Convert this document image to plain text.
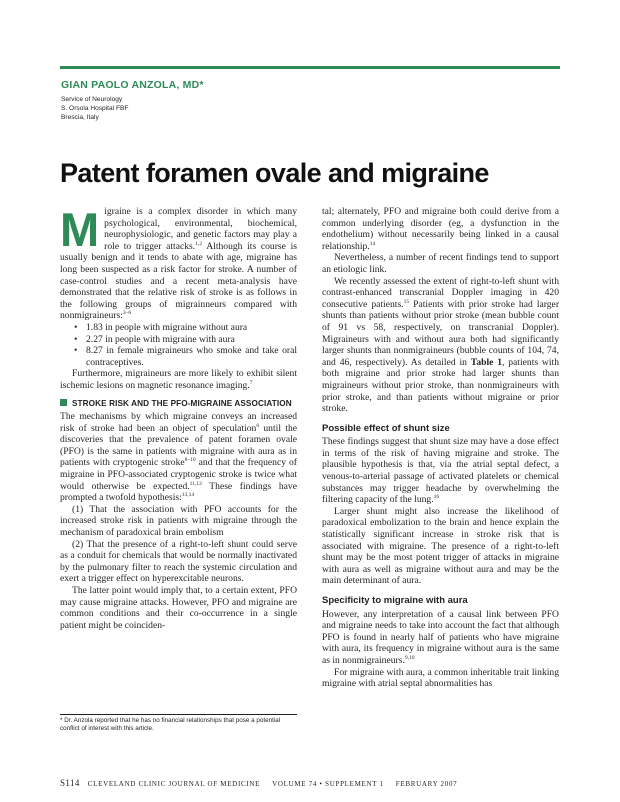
GIAN PAOLO ANZOLA, MD*
Service of Neurology
S. Orsola Hospital FBF
Brescia, Italy
Patent foramen ovale and migraine

Migraine is a complex disorder in which many psychological, environmental, biochemical, neurophysiologic, and genetic factors may play a role to trigger attacks.$^{1,2}$ Although its course is usually benign and it tends to abate with age, migraine has long been suspected as a risk factor for stroke. A number of case-control studies and a recent meta-analysis have demonstrated that the relative risk of stroke is as follows in the following groups of migrainneurs compared with nonmigraineurs:$^{3-6}$

• 1.83 in people with migraine without aura
• 2.27 in people with migraine with aura
• 8.27 in female migraineurs who smoke and take oral contraceptives.

Furthermore, migraineurs are more likely to exhibit silent ischemic lesions on magnetic resonance imaging.$^7$

STROKE RISK AND THE PFO-MIGRAINE ASSOCIATION

The mechanisms by which migraine conveys an increased risk of stroke had been an object of speculation$^6$ until the discoveries that the prevalence of patent foramen ovale (PFO) is the same in patients with migraine with aura as in patients with cryptogenic stroke$^{8-10}$ and that the frequency of migraine in PFO-associated cryptogenic stroke is twice what would otherwise be expected.$^{11,12}$ These findings have prompted a twofold hypothesis:$^{13,14}$

(1) That the association with PFO accounts for the increased stroke risk in patients with migraine through the mechanism of paradoxical brain embolism

(2) That the presence of a right-to-left shunt could serve as a conduit for chemicals that would be normally inactivated by the pulmonary filter to reach the systemic circulation and exert a trigger effect on hyperexcitable neurons.

The latter point would imply that, to a certain extent, PFO may cause migraine attacks. However, PFO and migraine are common conditions and their co-occurrence in a single patient might be coinciden-

tal; alternately, PFO and migraine both could derive from a common underlying disorder (eg, a dysfunction in the endothelium) without necessarily being linked in a causal relationship.$^{14}$

Nevertheless, a number of recent findings tend to support an etiologic link.

We recently assessed the extent of right-to-left shunt with contrast-enhanced transcranial Doppler imaging in 420 consecutive patients.$^{15}$ Patients with prior stroke had larger shunts than patients without prior stroke (mean bubble count of 91 vs 58, respectively, on transcranial Doppler). Migraineurs with and without aura both had significantly larger shunts than nonmigraineurs (bubble counts of 104, 74, and 46, respectively). As detailed in Table 1, patients with both migraine and prior stroke had larger shunts than migraineurs without prior stroke, than nonmigraineurs with prior stroke, and than patients without migraine or prior stroke.

Possible effect of shunt size

These findings suggest that shunt size may have a dose effect in terms of the risk of having migraine and stroke. The plausible hypothesis is that, via the atrial septal defect, a venous-to-arterial passage of activated platelets or chemical substances may trigger headache by overwhelming the filtering capacity of the lung.$^{16}$

Larger shunt might also increase the likelihood of paradoxical embolization to the brain and hence explain the statistically significant increase in stroke risk that is associated with migraine. The presence of a right-to-left shunt may be the most potent trigger of attacks in migraine with aura as well as migraine without aura and may be the main determinant of aura.

Specificity to migraine with aura

However, any interpretation of a causal link between PFO and migraine needs to take into account the fact that although PFO is found in nearly half of patients who have migraine with aura, its frequency in migraine without aura is the same as in nonmigraineurs.$^{9,10}$

For migraine with aura, a common inheritable trait linking migraine with atrial septal abnormalities has

* Dr. Anzola reported that he has no financial relationships that pose a potential conflict of interest with this article.
S114 CLEVELAND CLINIC JOURNAL OF MEDICINE VOLUME 74 • SUPPLEMENT 1 FEBRUARY 2007
